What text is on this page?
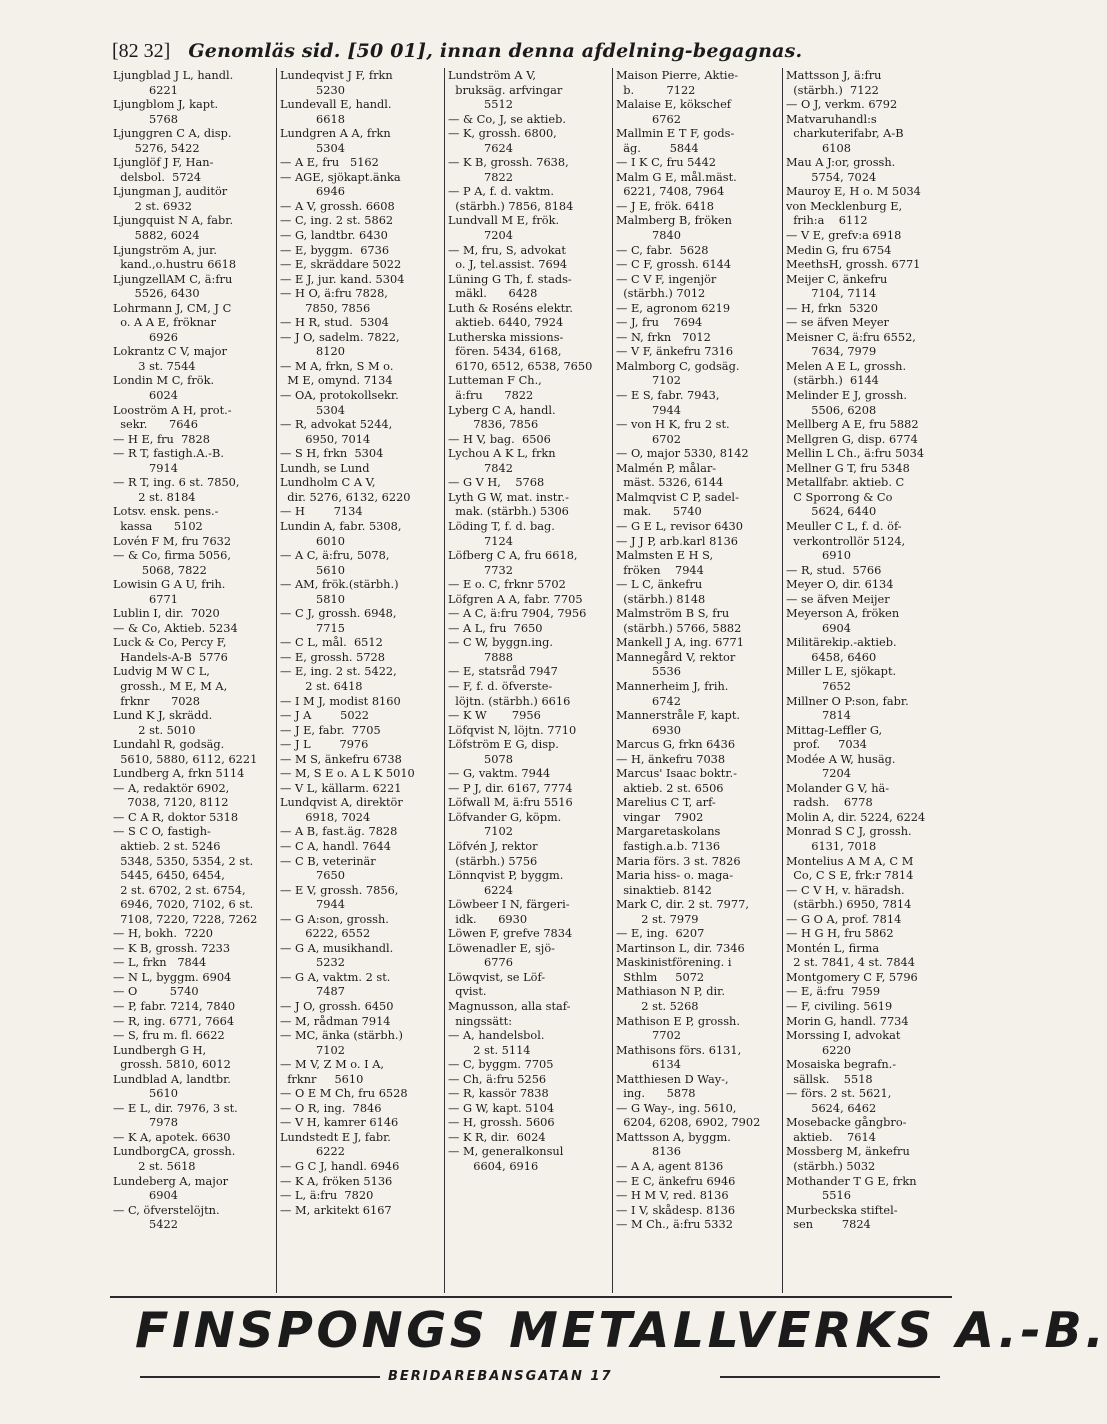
[82 32] Genomläs sid. [50 01], innan denna afdelning-begagnas.
Ljungblad J L, handl.
6221
Ljungblom J, kapt.
5768
Ljunggren C A, disp.
5276, 5422
Ljunglöf J F, Han-
delsbol.  5724
Ljungman J, auditör
2 st. 6932
Ljungquist N A, fabr.
5882, 6024
Ljungström A, jur.
kand.,o.hustru 6618
LjungzellAM C, ä:fru
5526, 6430
Lohrmann J, CM, J C
o. A A E, fröknar
6926
Lokrantz C V, major
3 st. 7544
Londin M C, frök.
6024
Looström A H, prot.-
sekr.      7646
— H E, fru  7828
— R T, fastigh.A.-B.
7914
— R T, ing. 6 st. 7850,
2 st. 8184
Lotsv. ensk. pens.-
kassa      5102
Lovén F M, fru 7632
— & Co, firma 5056,
5068, 7822
Lowisin G A U, frih.
6771
Lublin I, dir.  7020
— & Co, Aktieb. 5234
Luck & Co, Percy F,
Handels-A-B  5776
Ludvig M W C L,
grossh., M E, M A,
frknr      7028
Lund K J, skrädd.
2 st. 5010
Lundahl R, godsäg.
5610, 5880, 6112, 6221
Lundberg A, frkn 5114
— A, redaktör 6902,
7038, 7120, 8112
— C A R, doktor 5318
— S C O, fastigh-
aktieb. 2 st. 5246
5348, 5350, 5354, 2 st.
5445, 6450, 6454,
2 st. 6702, 2 st. 6754,
6946, 7020, 7102, 6 st.
7108, 7220, 7228, 7262
— H, bokh.  7220
— K B, grossh. 7233
— L, frkn   7844
— N L, byggm. 6904
— O         5740
— P, fabr. 7214, 7840
— R, ing. 6771, 7664
— S, fru m. fl. 6622
Lundbergh G H,
grossh. 5810, 6012
Lundblad A, landtbr.
5610
— E L, dir. 7976, 3 st.
7978
— K A, apotek. 6630
LundborgCA, grossh.
2 st. 5618
Lundeberg A, major
6904
— C, öfverstelöjtn.
5422
Lundeqvist J F, frkn
5230
Lundevall E, handl.
6618
Lundgren A A, frkn
5304
— A E, fru   5162
— AGE, sjökapt.änka
6946
— A V, grossh. 6608
— C, ing. 2 st. 5862
— G, landtbr. 6430
— E, byggm.  6736
— E, skräddare 5022
— E J, jur. kand. 5304
— H O, ä:fru 7828,
7850, 7856
— H R, stud.  5304
— J O, sadelm. 7822,
8120
— M A, frkn, S M o.
M E, omynd. 7134
— OA, protokollsekr.
5304
— R, advokat 5244,
6950, 7014
— S H, frkn  5304
Lundh, se Lund
Lundholm C A V,
dir. 5276, 6132, 6220
— H        7134
Lundin A, fabr. 5308,
6010
— A C, ä:fru, 5078,
5610
— AM, frök.(stärbh.)
5810
— C J, grossh. 6948,
7715
— C L, mål.  6512
— E, grossh. 5728
— E, ing. 2 st. 5422,
2 st. 6418
— I M J, modist 8160
— J A        5022
— J E, fabr.  7705
— J L        7976
— M S, änkefru 6738
— M, S E o. A L K 5010
— V L, källarm. 6221
Lundqvist A, direktör
6918, 7024
— A B, fast.äg. 7828
— C A, handl. 7644
— C B, veterinär
7650
— E V, grossh. 7856,
7944
— G A:son, grossh.
6222, 6552
— G A, musikhandl.
5232
— G A, vaktm. 2 st.
7487
— J O, grossh. 6450
— M, rådman 7914
— MC, änka (stärbh.)
7102
— M V, Z M o. I A,
frknr     5610
— O E M Ch, fru 6528
— O R, ing.  7846
— V H, kamrer 6146
Lundstedt E J, fabr.
6222
— G C J, handl. 6946
— K A, fröken 5136
— L, ä:fru  7820
— M, arkitekt 6167
Lundström A V,
bruksäg. arfvingar
5512
— & Co, J, se aktieb.
— K, grossh. 6800,
7624
— K B, grossh. 7638,
7822
— P A, f. d. vaktm.
(stärbh.) 7856, 8184
Lundvall M E, frök.
7204
— M, fru, S, advokat
o. J, tel.assist. 7694
Lüning G Th, f. stads-
mäkl.      6428
Luth & Roséns elektr.
aktieb. 6440, 7924
Lutherska missions-
fören. 5434, 6168,
6170, 6512, 6538, 7650
Lutteman F Ch.,
ä:fru      7822
Lyberg C A, handl.
7836, 7856
— H V, bag.  6506
Lychou A K L, frkn
7842
— G V H,    5768
Lyth G W, mat. instr.-
mak. (stärbh.) 5306
Löding T, f. d. bag.
7124
Löfberg C A, fru 6618,
7732
— E o. C, frknr 5702
Löfgren A A, fabr. 7705
— A C, ä:fru 7904, 7956
— A L, fru  7650
— C W, byggn.ing.
7888
— E, statsråd 7947
— F, f. d. öfverste-
löjtn. (stärbh.) 6616
— K W       7956
Löfqvist N, löjtn. 7710
Löfström E G, disp.
5078
— G, vaktm. 7944
— P J, dir. 6167, 7774
Löfwall M, ä:fru 5516
Löfvander G, köpm.
7102
Löfvén J, rektor
(stärbh.) 5756
Lönnqvist P, byggm.
6224
Löwbeer I N, färgeri-
idk.      6930
Löwen F, grefve 7834
Löwenadler E, sjö-
6776
Löwqvist, se Löf-
qvist.
Magnusson, alla staf-
ningssätt:
— A, handelsbol.
2 st. 5114
— C, byggm. 7705
— Ch, ä:fru 5256
— R, kassör 7838
— G W, kapt. 5104
— H, grossh. 5606
— K R, dir.  6024
— M, generalkonsul
6604, 6916
Maison Pierre, Aktie-
b.         7122
Malaise E, kökschef
6762
Mallmin E T F, gods-
äg.        5844
— I K C, fru 5442
Malm G E, mål.mäst.
6221, 7408, 7964
— J E, frök. 6418
Malmberg B, fröken
7840
— C, fabr.  5628
— C F, grossh. 6144
— C V F, ingenjör
(stärbh.) 7012
— E, agronom 6219
— J, fru    7694
— N, frkn   7012
— V F, änkefru 7316
Malmborg C, godsäg.
7102
— E S, fabr. 7943,
7944
— von H K, fru 2 st.
6702
— O, major 5330, 8142
Malmén P, målar-
mäst. 5326, 6144
Malmqvist C P, sadel-
mak.      5740
— G E L, revisor 6430
— J J P, arb.karl 8136
Malmsten E H S,
fröken    7944
— L C, änkefru
(stärbh.) 8148
Malmström B S, fru
(stärbh.) 5766, 5882
Mankell J A, ing. 6771
Mannegård V, rektor
5536
Mannerheim J, frih.
6742
Mannerstråle F, kapt.
6930
Marcus G, frkn 6436
— H, änkefru 7038
Marcus' Isaac boktr.-
aktieb. 2 st. 6506
Marelius C T, arf-
vingar    7902
Margaretaskolans
fastigh.a.b. 7136
Maria förs. 3 st. 7826
Maria hiss- o. maga-
sinaktieb. 8142
Mark C, dir. 2 st. 7977,
2 st. 7979
— E, ing.  6207
Martinson L, dir. 7346
Maskinistförening. i
Sthlm     5072
Mathiason N P, dir.
2 st. 5268
Mathison E P, grossh.
7702
Mathisons förs. 6131,
6134
Matthiesen D Way-,
ing.      5878
— G Way-, ing. 5610,
6204, 6208, 6902, 7902
Mattsson A, byggm.
8136
— A A, agent 8136
— E C, änkefru 6946
— H M V, red. 8136
— I V, skådesp. 8136
— M Ch., ä:fru 5332
Mattsson J, ä:fru
(stärbh.)  7122
— O J, verkm. 6792
Matvaruhandl:s
charkuterifabr, A-B
6108
Mau A J:or, grossh.
5754, 7024
Mauroy E, H o. M 5034
von Mecklenburg E,
frih:a    6112
— V E, grefv:a 6918
Medin G, fru 6754
MeethsH, grossh. 6771
Meijer C, änkefru
7104, 7114
— H, frkn  5320
— se äfven Meyer
Meisner C, ä:fru 6552,
7634, 7979
Melen A E L, grossh.
(stärbh.)  6144
Melinder E J, grossh.
5506, 6208
Mellberg A E, fru 5882
Mellgren G, disp. 6774
Mellin L Ch., ä:fru 5034
Mellner G T, fru 5348
Metallfabr. aktieb. C
C Sporrong & Co
5624, 6440
Meuller C L, f. d. öf-
verkontrollör 5124,
6910
— R, stud.  5766
Meyer O, dir. 6134
— se äfven Meijer
Meyerson A, fröken
6904
Militärekip.-aktieb.
6458, 6460
Miller L E, sjökapt.
7652
Millner O P:son, fabr.
7814
Mittag-Leffler G,
prof.     7034
Modée A W, husäg.
7204
Molander G V, hä-
radsh.    6778
Molin A, dir. 5224, 6224
Monrad S C J, grossh.
6131, 7018
Montelius A M A, C M
Co, C S E, frk:r 7814
— C V H, v. häradsh.
(stärbh.) 6950, 7814
— G O A, prof. 7814
— H G H, fru 5862
Montén L, firma
2 st. 7841, 4 st. 7844
Montgomery C F, 5796
— E, ä:fru  7959
— F, civiling. 5619
Morin G, handl. 7734
Morssing I, advokat
6220
Mosaiska begrafn.-
sällsk.    5518
— förs. 2 st. 5621,
5624, 6462
Mosebacke gångbro-
aktieb.    7614
Mossberg M, änkefru
(stärbh.) 5032
Mothander T G E, frkn
5516
Murbeckska stiftel-
sen        7824
FINSPONGS METALLVERKS A.-B.
BERIDAREBANSGATAN 17
